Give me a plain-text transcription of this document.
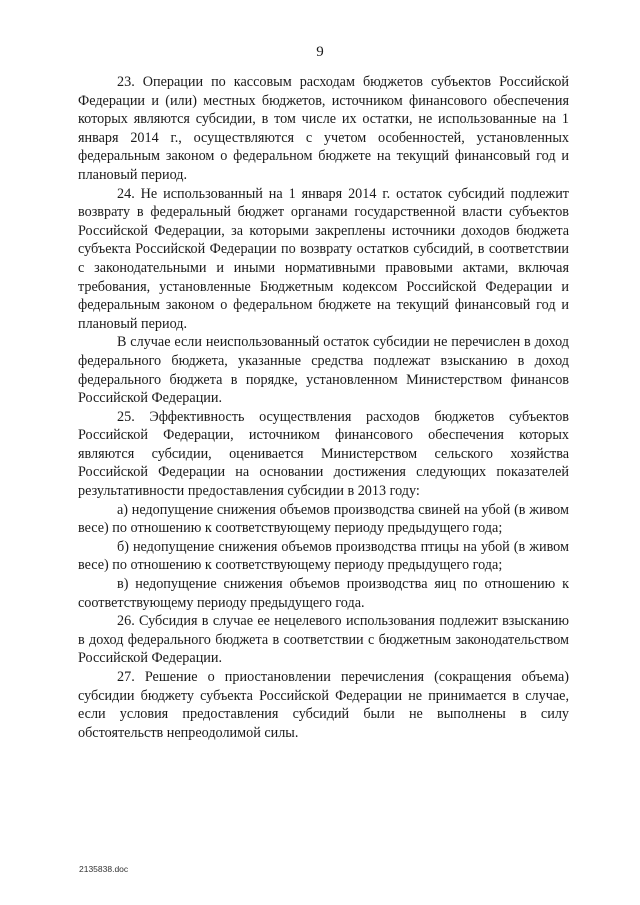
9

23. Операции по кассовым расходам бюджетов субъектов Российской Федерации и (или) местных бюджетов, источником финансового обеспечения которых являются субсидии, в том числе их остатки, не использованные на 1 января 2014 г., осуществляются с учетом особенностей, установленных федеральным законом о федеральном бюджете на текущий финансовый год и плановый период.

24. Не использованный на 1 января 2014 г. остаток субсидий подлежит возврату в федеральный бюджет органами государственной власти субъектов Российской Федерации, за которыми закреплены источники доходов бюджета субъекта Российской Федерации по возврату остатков субсидий, в соответствии с законодательными и иными нормативными правовыми актами, включая требования, установленные Бюджетным кодексом Российской Федерации и федеральным законом о федеральном бюджете на текущий финансовый год и плановый период.

В случае если неиспользованный остаток субсидии не перечислен в доход федерального бюджета, указанные средства подлежат взысканию в доход федерального бюджета в порядке, установленном Министерством финансов Российской Федерации.

25. Эффективность осуществления расходов бюджетов субъектов Российской Федерации, источником финансового обеспечения которых являются субсидии, оценивается Министерством сельского хозяйства Российской Федерации на основании достижения следующих показателей результативности предоставления субсидии в 2013 году:

а) недопущение снижения объемов производства свиней на убой (в живом весе) по отношению к соответствующему периоду предыдущего года;

б) недопущение снижения объемов производства птицы на убой (в живом весе) по отношению к соответствующему периоду предыдущего года;

в) недопущение снижения объемов производства яиц по отношению к соответствующему периоду предыдущего года.

26. Субсидия в случае ее нецелевого использования подлежит взысканию в доход федерального бюджета в соответствии с бюджетным законодательством Российской Федерации.

27. Решение о приостановлении перечисления (сокращения объема) субсидии бюджету субъекта Российской Федерации не принимается в случае, если условия предоставления субсидий были не выполнены в силу обстоятельств непреодолимой силы.

2135838.doc
